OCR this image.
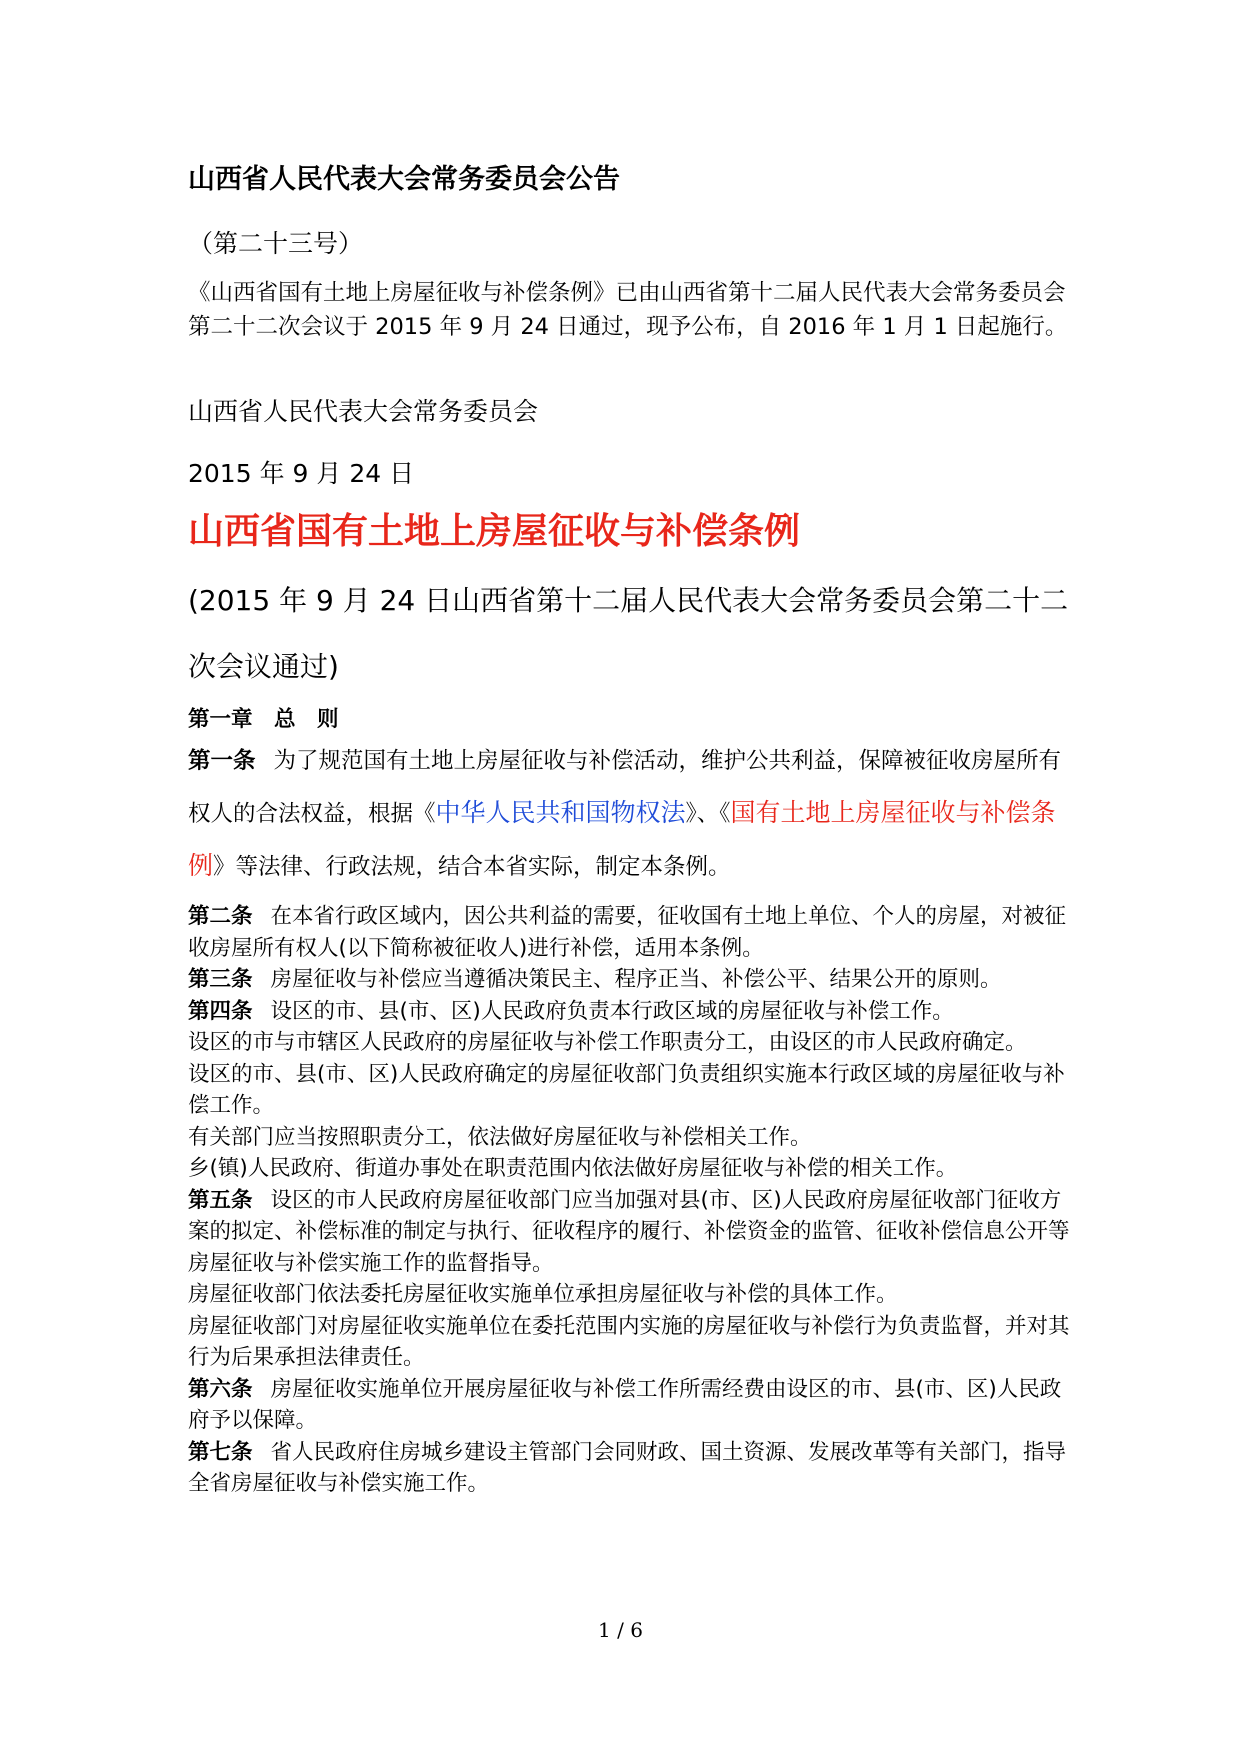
山西省人民代表大会常务委员会公告

（第二十三号）

《山西省国有土地上房屋征收与补偿条例》已由山西省第十二届人民代表大会常务委员会第二十二次会议于 2015 年 9 月 24 日通过，现予公布，自 2016 年 1 月 1 日起施行。

山西省人民代表大会常务委员会

2015 年 9 月 24 日

山西省国有土地上房屋征收与补偿条例

(2015 年 9 月 24 日山西省第十二届人民代表大会常务委员会第二十二次会议通过)

第一章　总　则

第一条 为了规范国有土地上房屋征收与补偿活动，维护公共利益，保障被征收房屋所有权人的合法权益，根据《中华人民共和国物权法》、《国有土地上房屋征收与补偿条例》等法律、行政法规，结合本省实际，制定本条例。

第二条 在本省行政区域内，因公共利益的需要，征收国有土地上单位、个人的房屋，对被征收房屋所有权人(以下简称被征收人)进行补偿，适用本条例。

第三条 房屋征收与补偿应当遵循决策民主、程序正当、补偿公平、结果公开的原则。

第四条 设区的市、县(市、区)人民政府负责本行政区域的房屋征收与补偿工作。

设区的市与市辖区人民政府的房屋征收与补偿工作职责分工，由设区的市人民政府确定。

设区的市、县(市、区)人民政府确定的房屋征收部门负责组织实施本行政区域的房屋征收与补偿工作。

有关部门应当按照职责分工，依法做好房屋征收与补偿相关工作。

乡(镇)人民政府、街道办事处在职责范围内依法做好房屋征收与补偿的相关工作。

第五条 设区的市人民政府房屋征收部门应当加强对县(市、区)人民政府房屋征收部门征收方案的拟定、补偿标准的制定与执行、征收程序的履行、补偿资金的监管、征收补偿信息公开等房屋征收与补偿实施工作的监督指导。

房屋征收部门依法委托房屋征收实施单位承担房屋征收与补偿的具体工作。

房屋征收部门对房屋征收实施单位在委托范围内实施的房屋征收与补偿行为负责监督，并对其行为后果承担法律责任。

第六条 房屋征收实施单位开展房屋征收与补偿工作所需经费由设区的市、县(市、区)人民政府予以保障。

第七条 省人民政府住房城乡建设主管部门会同财政、国土资源、发展改革等有关部门，指导全省房屋征收与补偿实施工作。

1 / 6
